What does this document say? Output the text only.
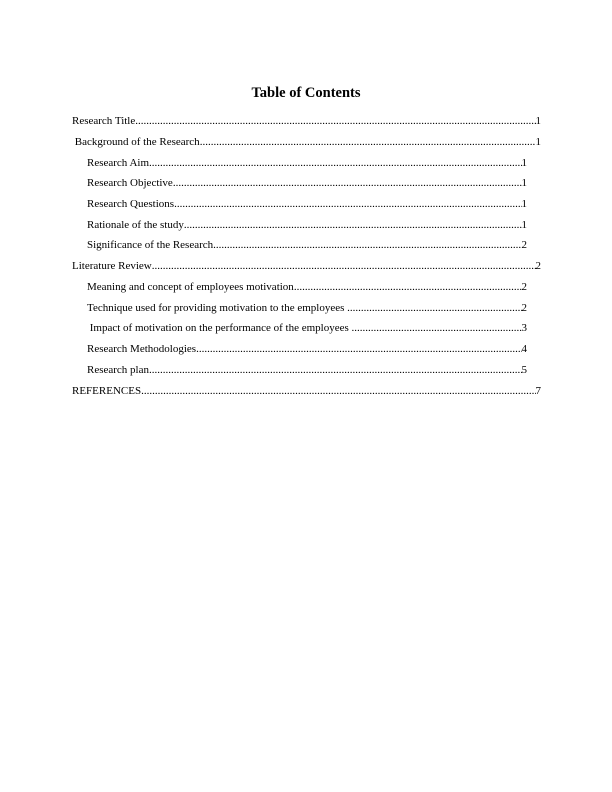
Table of Contents
Research Title .....	1
Background of the Research .....	1
Research Aim .....	1
Research Objective .....	1
Research Questions .....	1
Rationale of the study .....	1
Significance of the Research .....	2
Literature Review .....	2
Meaning and concept of employees motivation .....	2
Technique used for providing motivation to the employees .....	2
Impact of motivation on the performance of the employees .....	3
Research Methodologies .....	4
Research plan .....	5
REFERENCES .....	7
